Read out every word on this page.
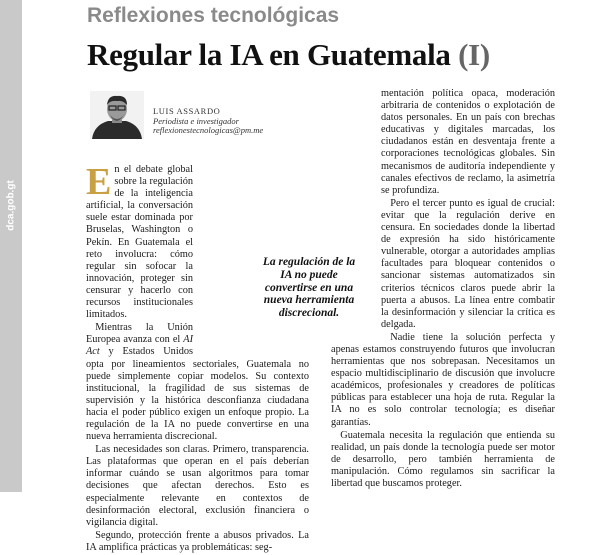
dca.gob.gt
Reflexiones tecnológicas
Regular la IA en Guatemala (I)
LUIS ASSARDO
Periodista e investigador
reflexionestecnologicas@pm.me

En el debate global sobre la regulación de la inteligencia artificial, la conversación suele estar dominada por Bruselas, Washington o Pekín. En Guatemala el reto involucra: cómo regular sin sofocar la innovación, proteger sin censurar y hacerlo con recursos institucionales limitados.

Mientras la Unión Europea avanza con el AI Act y Estados Unidos opta por lineamientos sectoriales, Guatemala no puede simplemente copiar modelos. Su contexto institucional, la fragilidad de sus sistemas de supervisión y la histórica desconfianza ciudadana hacia el poder público exigen un enfoque propio. La regulación de la IA no puede convertirse en una nueva herramienta discrecional.

Las necesidades son claras. Primero, transparencia. Las plataformas que operan en el país deberían informar cuándo se usan algoritmos para tomar decisiones que afectan derechos. Esto es especialmente relevante en contextos de desinformación electoral, exclusión financiera o vigilancia digital.

Segundo, protección frente a abusos privados. La IA amplifica prácticas ya problemáticas: seg-

mentación política opaca, moderación arbitraria de contenidos o explotación de datos personales. En un país con brechas educativas y digitales marcadas, los ciudadanos están en desventaja frente a corporaciones tecnológicas globales. Sin mecanismos de auditoría independiente y canales efectivos de reclamo, la asimetría se profundiza.

Pero el tercer punto es igual de crucial: evitar que la regulación derive en censura. En sociedades donde la libertad de expresión ha sido históricamente vulnerable, otorgar a autoridades amplias facultades para bloquear contenidos o sancionar sistemas automatizados sin criterios técnicos claros puede abrir la puerta a abusos. La línea entre combatir la desinformación y silenciar la crítica es delgada.

Nadie tiene la solución perfecta y apenas estamos construyendo futuros que involucran herramientas que nos sobrepasan. Necesitamos un espacio multidisciplinario de discusión que involucre académicos, profesionales y creadores de políticas públicas para establecer una hoja de ruta. Regular la IA no es solo controlar tecnología; es diseñar garantías.

Guatemala necesita la regulación que entienda su realidad, un país donde la tecnología puede ser motor de desarrollo, pero también herramienta de manipulación. Cómo regulamos sin sacrificar la libertad que buscamos proteger.

La regulación de la IA no puede convertirse en una nueva herramienta discrecional.
